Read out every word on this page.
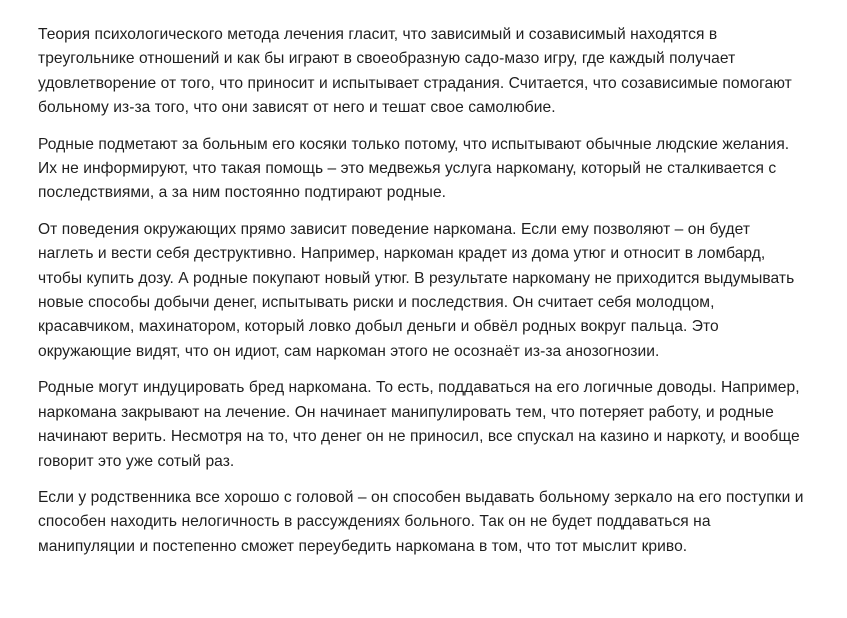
Теория психологического метода лечения гласит, что зависимый и созависимый находятся в треугольнике отношений и как бы играют в своеобразную садо-мазо игру, где каждый получает удовлетворение от того, что приносит и испытывает страдания. Считается, что созависимые помогают больному из-за того, что они зависят от него и тешат свое самолюбие.

Родные подметают за больным его косяки только потому, что испытывают обычные людские желания. Их не информируют, что такая помощь – это медвежья услуга наркоману, который не сталкивается с последствиями, а за ним постоянно подтирают родные.

От поведения окружающих прямо зависит поведение наркомана. Если ему позволяют – он будет наглеть и вести себя деструктивно. Например, наркоман крадет из дома утюг и относит в ломбард, чтобы купить дозу. А родные покупают новый утюг. В результате наркоману не приходится выдумывать новые способы добычи денег, испытывать риски и последствия. Он считает себя молодцом, красавчиком, махинатором, который ловко добыл деньги и обвёл родных вокруг пальца. Это окружающие видят, что он идиот, сам наркоман этого не осознаёт из-за анозогнозии.

Родные могут индуцировать бред наркомана. То есть, поддаваться на его логичные доводы. Например, наркомана закрывают на лечение. Он начинает манипулировать тем, что потеряет работу, и родные начинают верить. Несмотря на то, что денег он не приносил, все спускал на казино и наркоту, и вообще говорит это уже сотый раз.

Если у родственника все хорошо с головой – он способен выдавать больному зеркало на его поступки и способен находить нелогичность в рассуждениях больного. Так он не будет поддаваться на манипуляции и постепенно сможет переубедить наркомана в том, что тот мыслит криво.
